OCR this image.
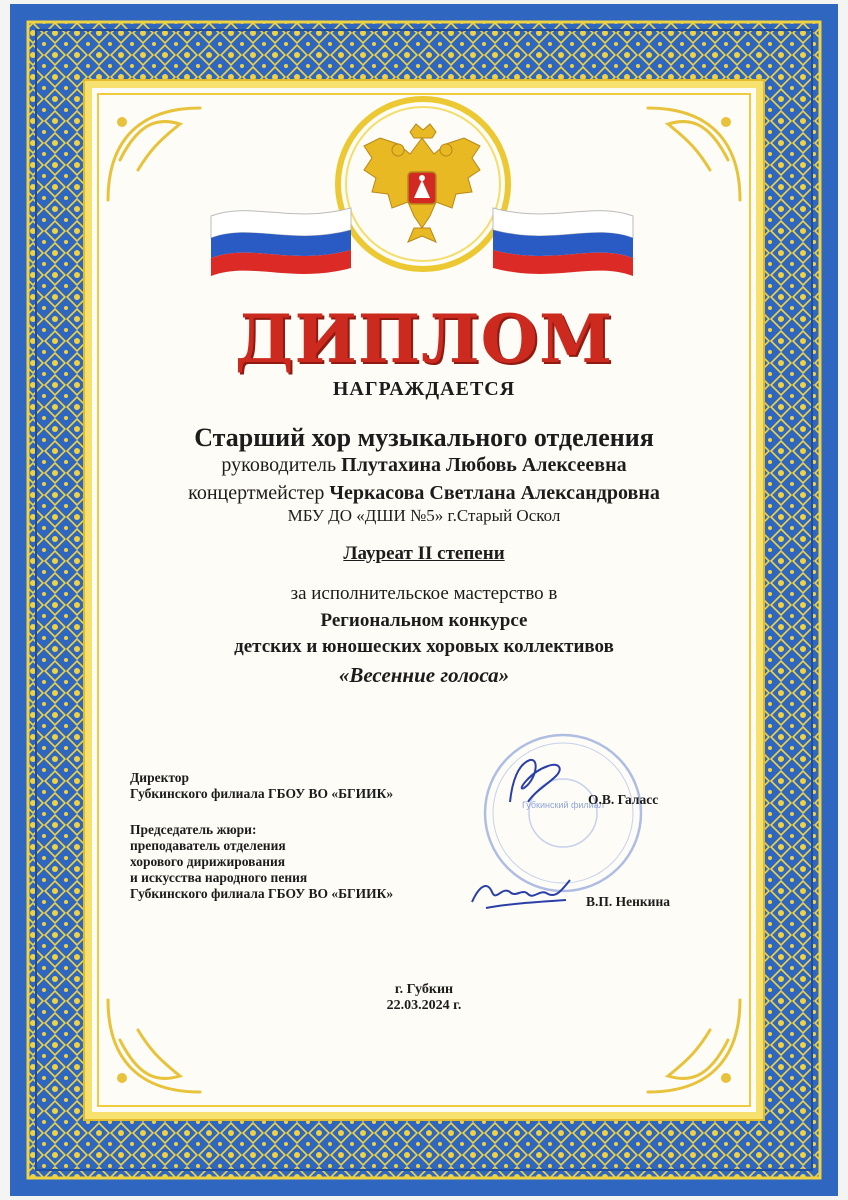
ДИПЛОМ
НАГРАЖДАЕТСЯ
Старший хор музыкального отделения
руководитель Плутахина Любовь Алексеевна
концертмейстер Черкасова Светлана Александровна
МБУ ДО «ДШИ №5» г.Старый Оскол
Лауреат II степени
за исполнительское мастерство в
Региональном конкурсе
детских и юношеских хоровых коллективов
«Весенние голоса»
Губкинский филиал
Директор
Губкинского филиала ГБОУ ВО «БГИИК»	О.В. Галасс
Председатель жюри:
преподаватель отделения
хорового дирижирования
и искусства народного пения
Губкинского филиала ГБОУ ВО «БГИИК»
В.П. Ненкина
г. Губкин
22.03.2024 г.
